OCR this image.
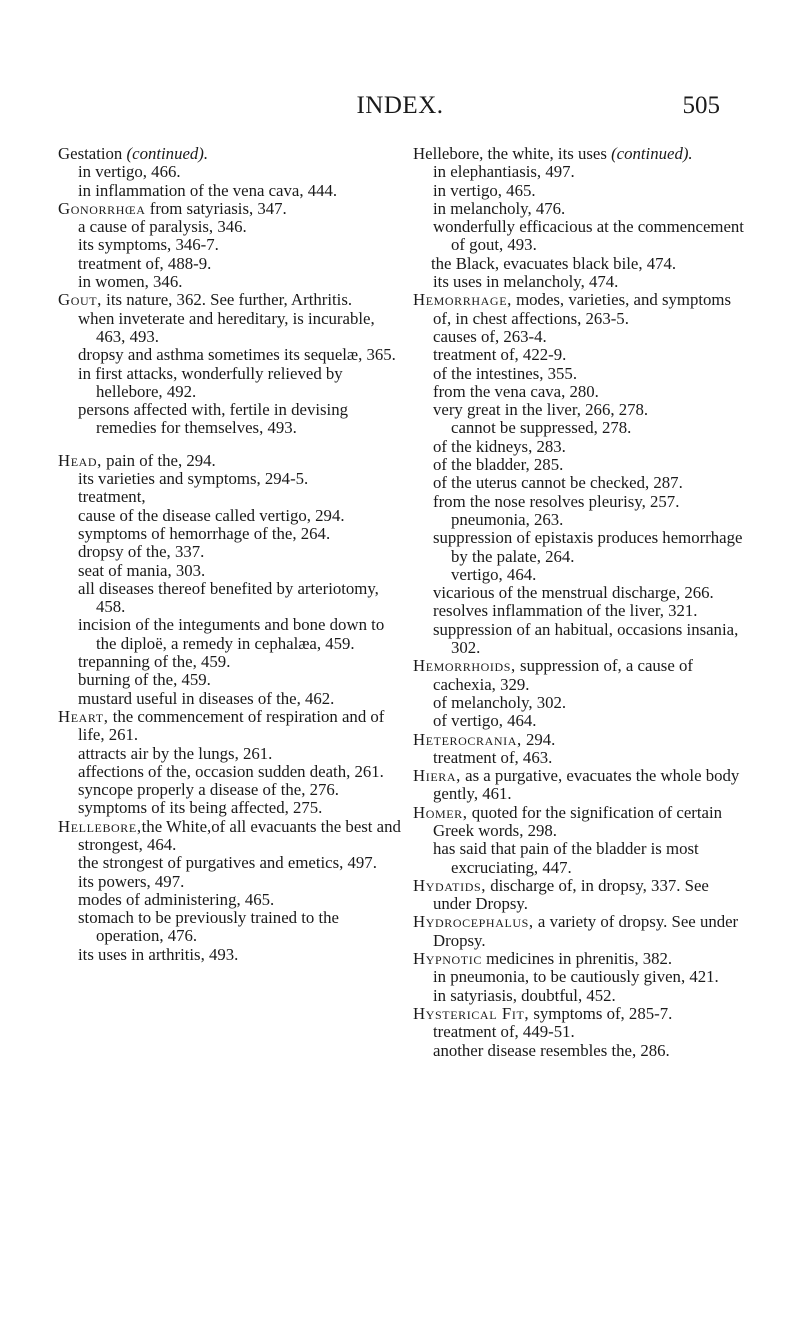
INDEX.	505
Gestation (continued).
in vertigo, 466.
in inflammation of the vena cava, 444.
Gonorrhœa from satyriasis, 347.
a cause of paralysis, 346.
its symptoms, 346-7.
treatment of, 488-9.
in women, 346.
Gout, its nature, 362. See further, Arthritis.
when inveterate and hereditary, is incurable, 463, 493.
dropsy and asthma sometimes its sequelæ, 365.
in first attacks, wonderfully relieved by hellebore, 492.
persons affected with, fertile in devising remedies for themselves, 493.
Head, pain of the, 294.
its varieties and symptoms, 294-5.
treatment,
cause of the disease called vertigo, 294.
symptoms of hemorrhage of the, 264.
dropsy of the, 337.
seat of mania, 303.
all diseases thereof benefited by arteriotomy, 458.
incision of the integuments and bone down to the diploë, a remedy in cephalæa, 459.
trepanning of the, 459.
burning of the, 459.
mustard useful in diseases of the, 462.
Heart, the commencement of respiration and of life, 261.
attracts air by the lungs, 261.
affections of the, occasion sudden death, 261.
syncope properly a disease of the, 276.
symptoms of its being affected, 275.
Hellebore,the White,of all evacuants the best and strongest, 464.
the strongest of purgatives and emetics, 497.
its powers, 497.
modes of administering, 465.
stomach to be previously trained to the operation, 476.
its uses in arthritis, 493.
Hellebore, the white, its uses (continued).
in elephantiasis, 497.
in vertigo, 465.
in melancholy, 476.
wonderfully efficacious at the commencement of gout, 493.
the Black, evacuates black bile, 474.
its uses in melancholy, 474.
Hemorrhage, modes, varieties, and symptoms of, in chest affections, 263-5.
causes of, 263-4.
treatment of, 422-9.
of the intestines, 355.
from the vena cava, 280.
very great in the liver, 266, 278.
cannot be suppressed, 278.
of the kidneys, 283.
of the bladder, 285.
of the uterus cannot be checked, 287.
from the nose resolves pleurisy, 257.
pneumonia, 263.
suppression of epistaxis produces hemorrhage by the palate, 264.
vertigo, 464.
vicarious of the menstrual discharge, 266.
resolves inflammation of the liver, 321.
suppression of an habitual, occasions insania, 302.
Hemorrhoids, suppression of, a cause of cachexia, 329.
of melancholy, 302.
of vertigo, 464.
Heterocrania, 294.
treatment of, 463.
Hiera, as a purgative, evacuates the whole body gently, 461.
Homer, quoted for the signification of certain Greek words, 298.
has said that pain of the bladder is most excruciating, 447.
Hydatids, discharge of, in dropsy, 337. See under Dropsy.
Hydrocephalus, a variety of dropsy. See under Dropsy.
Hypnotic medicines in phrenitis, 382.
in pneumonia, to be cautiously given, 421.
in satyriasis, doubtful, 452.
Hysterical Fit, symptoms of, 285-7.
treatment of, 449-51.
another disease resembles the, 286.
